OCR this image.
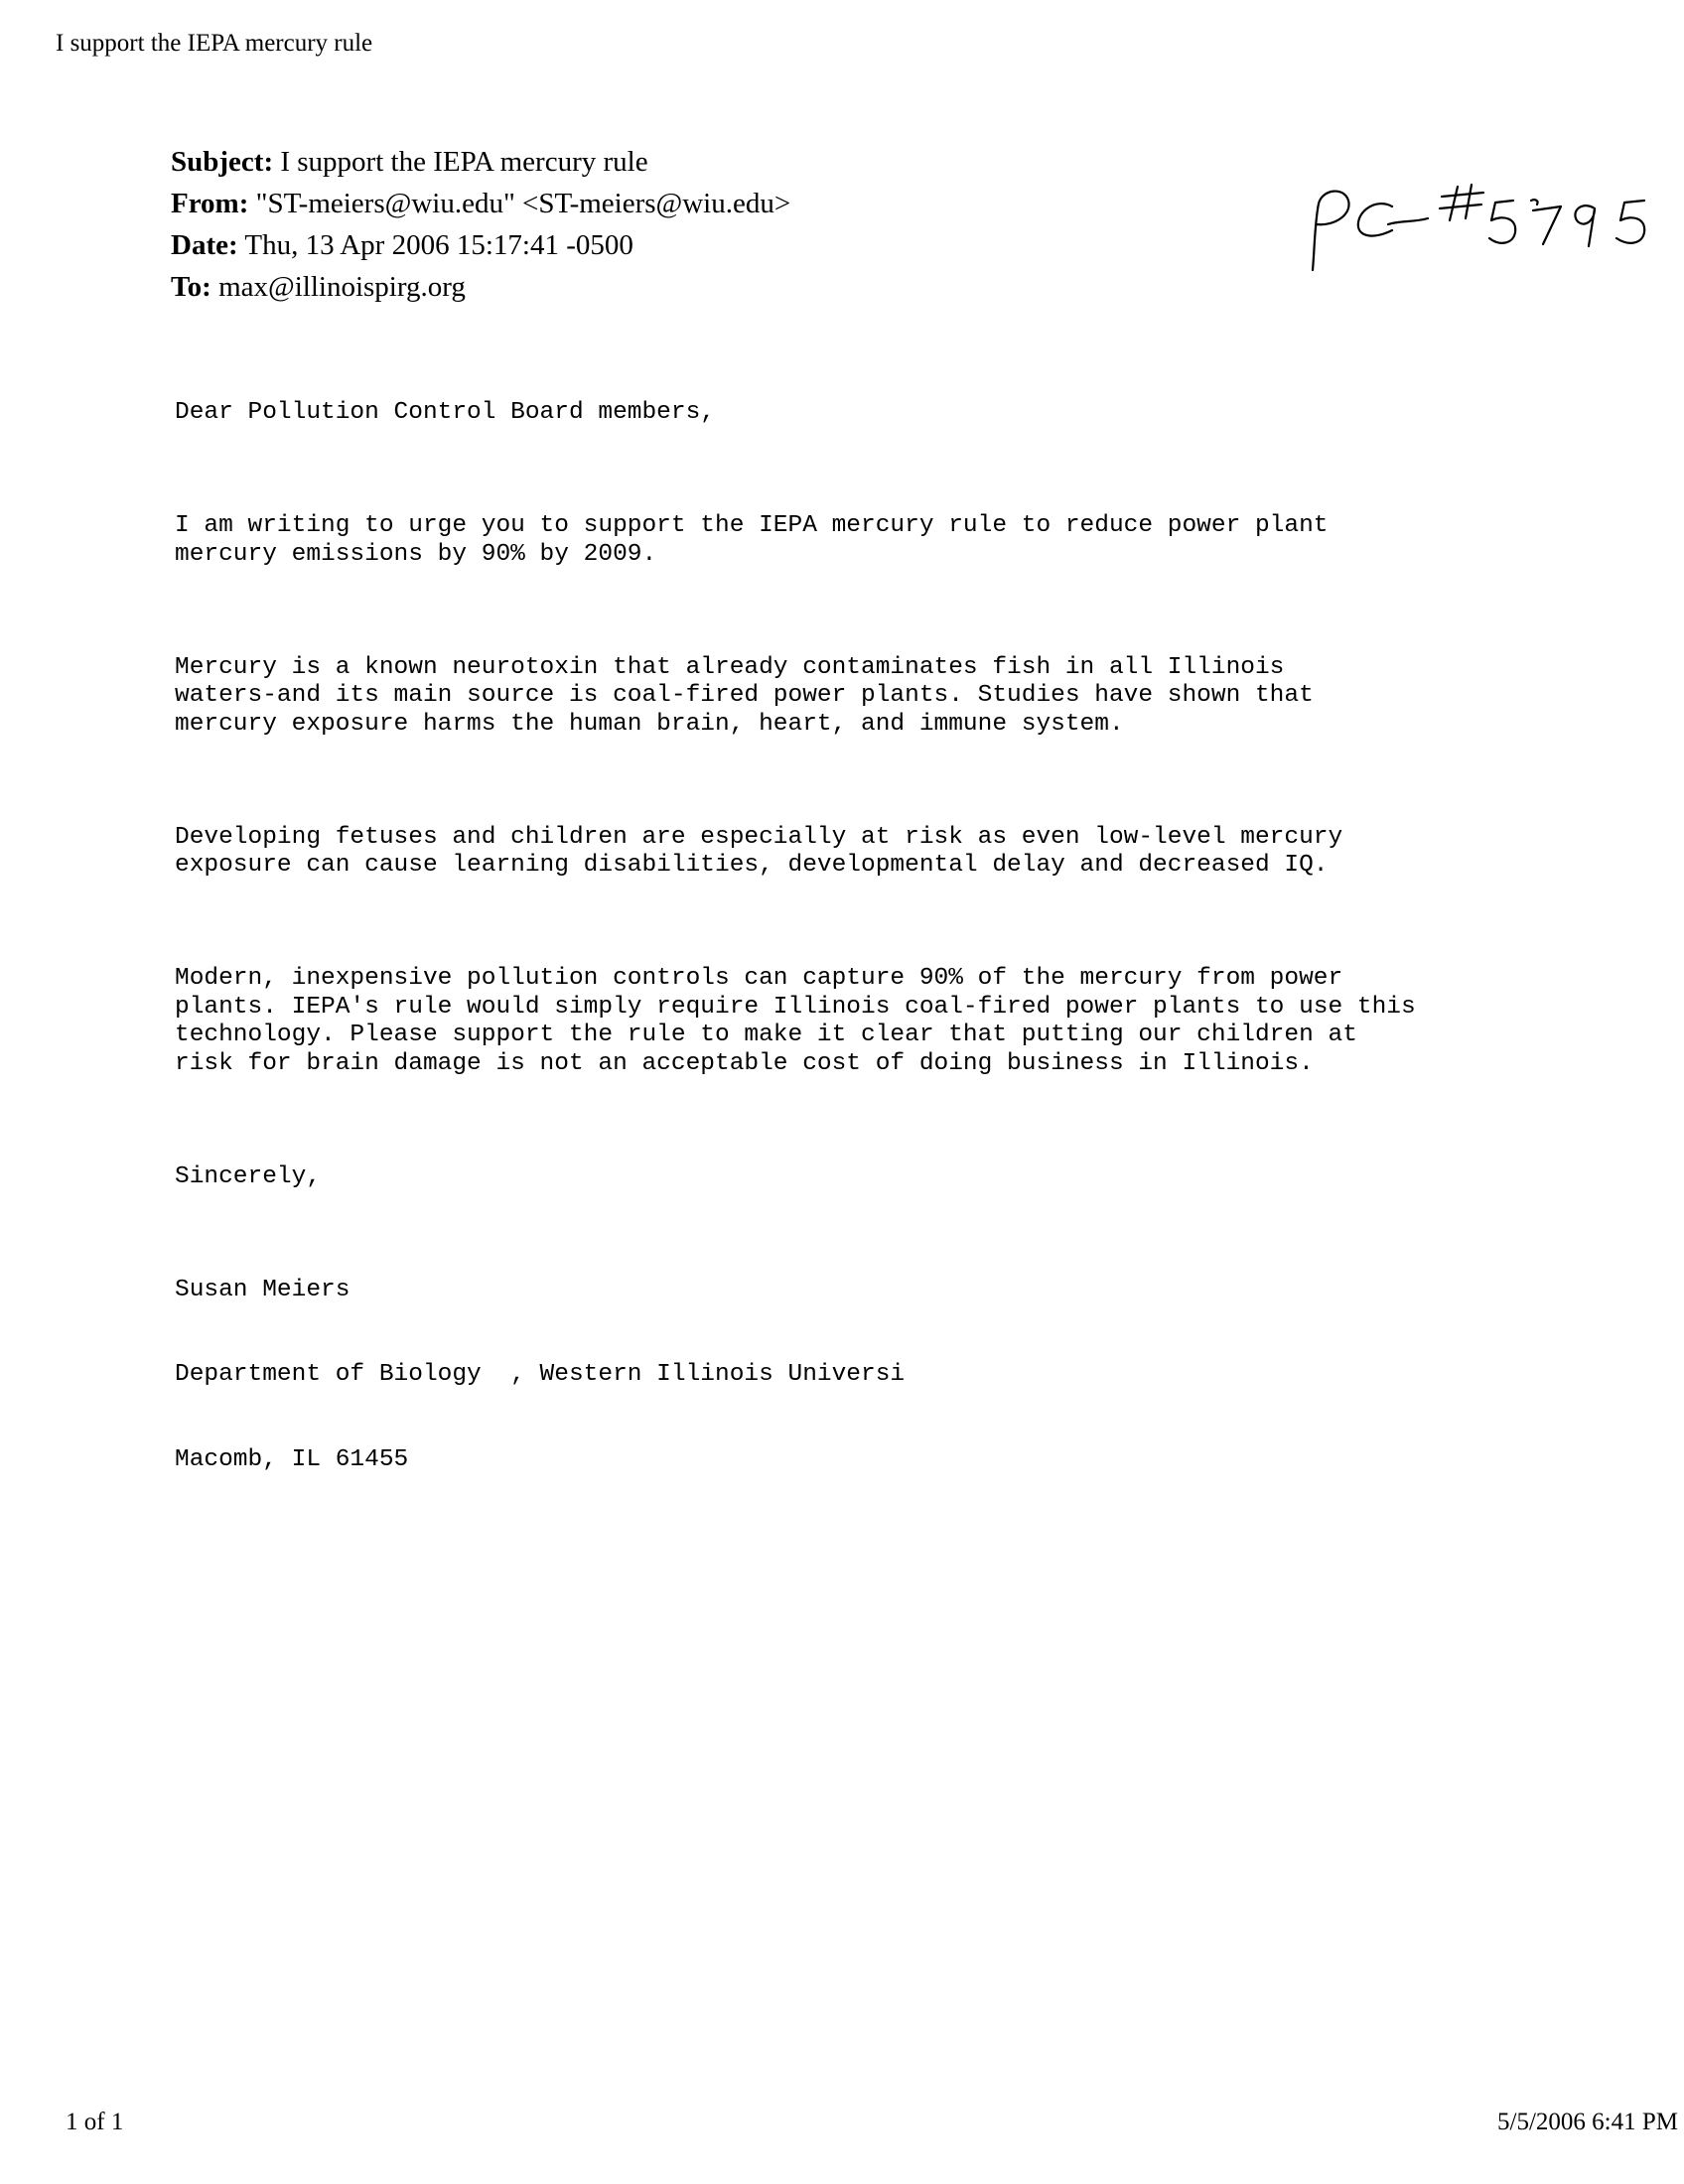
I support the IEPA mercury rule
Subject: I support the IEPA mercury rule
From: "ST-meiers@wiu.edu" <ST-meiers@wiu.edu>
Date: Thu, 13 Apr 2006 15:17:41 -0500
To: max@illinoispirg.org

Dear Pollution Control Board members,

I am writing to urge you to support the IEPA mercury rule to reduce power plant
mercury emissions by 90% by 2009.

Mercury is a known neurotoxin that already contaminates fish in all Illinois
waters-and its main source is coal-fired power plants. Studies have shown that
mercury exposure harms the human brain, heart, and immune system.

Developing fetuses and children are especially at risk as even low-level mercury
exposure can cause learning disabilities, developmental delay and decreased IQ.

Modern, inexpensive pollution controls can capture 90% of the mercury from power
plants. IEPA's rule would simply require Illinois coal-fired power plants to use this
technology. Please support the rule to make it clear that putting our children at
risk for brain damage is not an acceptable cost of doing business in Illinois.

Sincerely,

Susan Meiers

Department of Biology  , Western Illinois Universi

Macomb, IL 61455

1 of 1	5/5/2006 6:41 PM
